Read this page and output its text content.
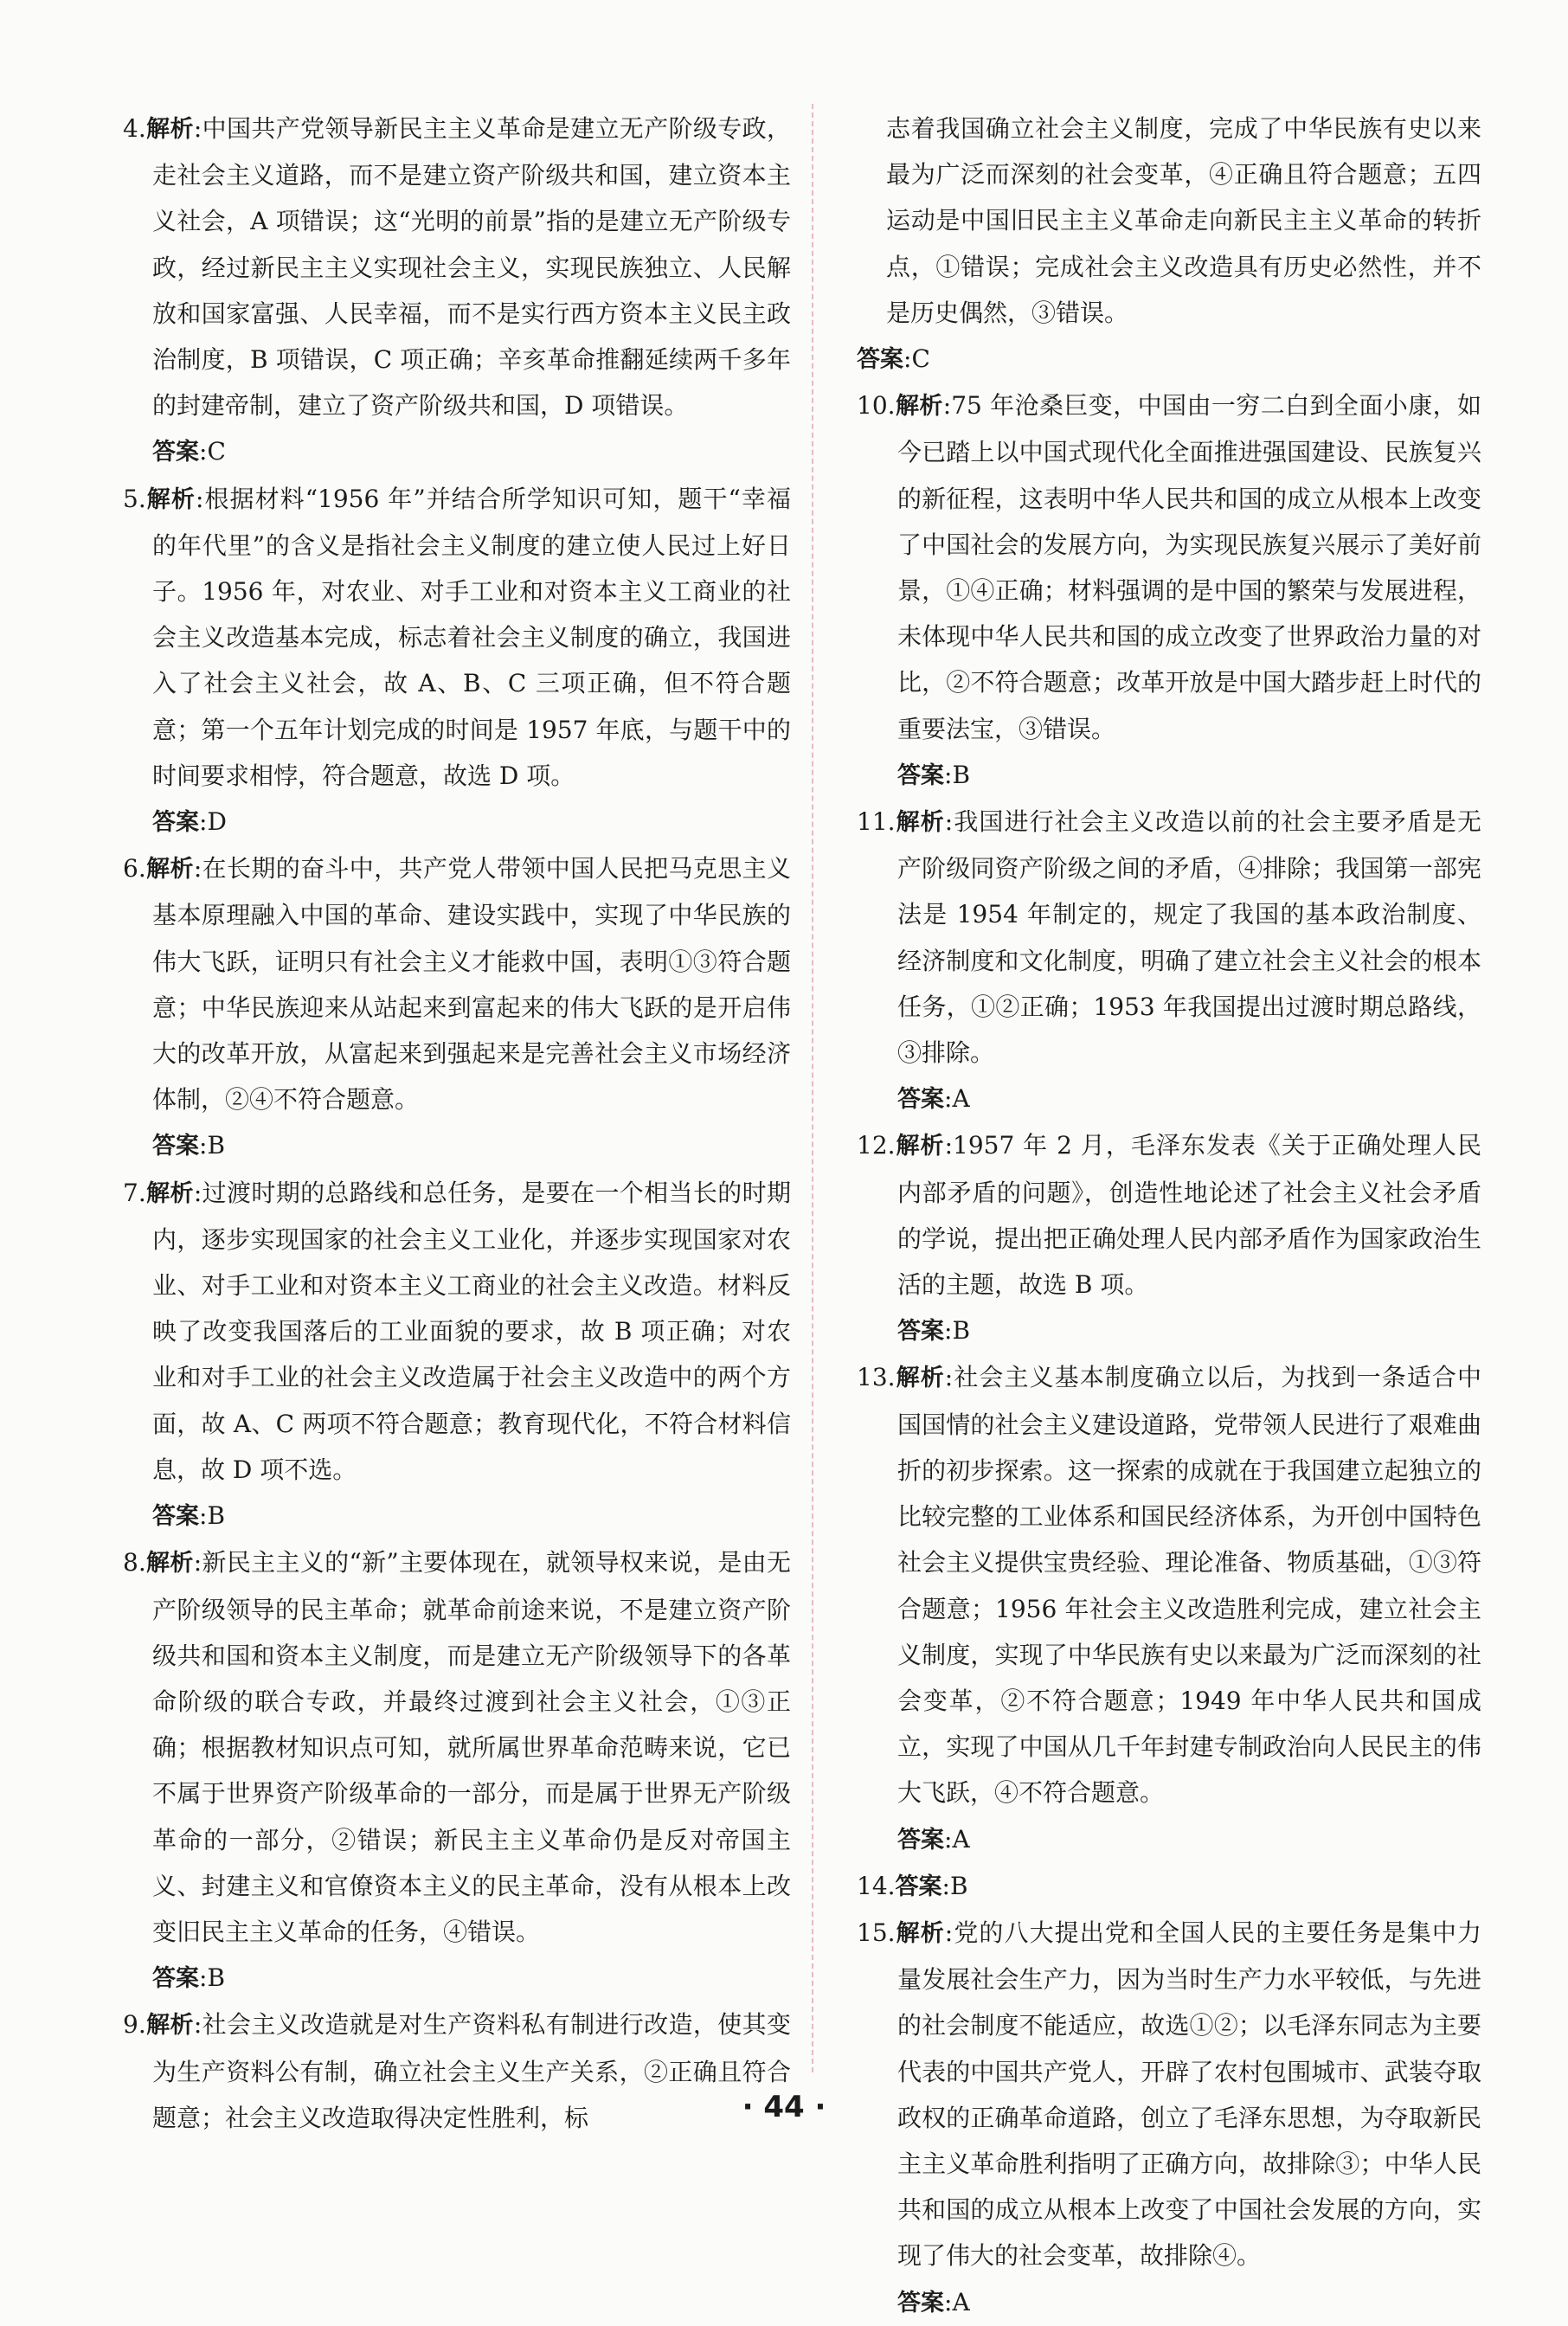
4.解析:中国共产党领导新民主主义革命是建立无产阶级专政，走社会主义道路，而不是建立资产阶级共和国，建立资本主义社会，A 项错误；这“光明的前景”指的是建立无产阶级专政，经过新民主主义实现社会主义，实现民族独立、人民解放和国家富强、人民幸福，而不是实行西方资本主义民主政治制度，B 项错误，C 项正确；辛亥革命推翻延续两千多年的封建帝制，建立了资产阶级共和国，D 项错误。
答案:C
5.解析:根据材料“1956 年”并结合所学知识可知，题干“幸福的年代里”的含义是指社会主义制度的建立使人民过上好日子。1956 年，对农业、对手工业和对资本主义工商业的社会主义改造基本完成，标志着社会主义制度的确立，我国进入了社会主义社会，故 A、B、C 三项正确，但不符合题意；第一个五年计划完成的时间是 1957 年底，与题干中的时间要求相悖，符合题意，故选 D 项。
答案:D
6.解析:在长期的奋斗中，共产党人带领中国人民把马克思主义基本原理融入中国的革命、建设实践中，实现了中华民族的伟大飞跃，证明只有社会主义才能救中国，表明①③符合题意；中华民族迎来从站起来到富起来的伟大飞跃的是开启伟大的改革开放，从富起来到强起来是完善社会主义市场经济体制，②④不符合题意。
答案:B
7.解析:过渡时期的总路线和总任务，是要在一个相当长的时期内，逐步实现国家的社会主义工业化，并逐步实现国家对农业、对手工业和对资本主义工商业的社会主义改造。材料反映了改变我国落后的工业面貌的要求，故 B 项正确；对农业和对手工业的社会主义改造属于社会主义改造中的两个方面，故 A、C 两项不符合题意；教育现代化，不符合材料信息，故 D 项不选。
答案:B
8.解析:新民主主义的“新”主要体现在，就领导权来说，是由无产阶级领导的民主革命；就革命前途来说，不是建立资产阶级共和国和资本主义制度，而是建立无产阶级领导下的各革命阶级的联合专政，并最终过渡到社会主义社会，①③正确；根据教材知识点可知，就所属世界革命范畴来说，它已不属于世界资产阶级革命的一部分，而是属于世界无产阶级革命的一部分，②错误；新民主主义革命仍是反对帝国主义、封建主义和官僚资本主义的民主革命，没有从根本上改变旧民主主义革命的任务，④错误。
答案:B
9.解析:社会主义改造就是对生产资料私有制进行改造，使其变为生产资料公有制，确立社会主义生产关系，②正确且符合题意；社会主义改造取得决定性胜利，标
志着我国确立社会主义制度，完成了中华民族有史以来最为广泛而深刻的社会变革，④正确且符合题意；五四运动是中国旧民主主义革命走向新民主主义革命的转折点，①错误；完成社会主义改造具有历史必然性，并不是历史偶然，③错误。
答案:C
10.解析:75 年沧桑巨变，中国由一穷二白到全面小康，如今已踏上以中国式现代化全面推进强国建设、民族复兴的新征程，这表明中华人民共和国的成立从根本上改变了中国社会的发展方向，为实现民族复兴展示了美好前景，①④正确；材料强调的是中国的繁荣与发展进程，未体现中华人民共和国的成立改变了世界政治力量的对比，②不符合题意；改革开放是中国大踏步赶上时代的重要法宝，③错误。
答案:B
11.解析:我国进行社会主义改造以前的社会主要矛盾是无产阶级同资产阶级之间的矛盾，④排除；我国第一部宪法是 1954 年制定的，规定了我国的基本政治制度、经济制度和文化制度，明确了建立社会主义社会的根本任务，①②正确；1953 年我国提出过渡时期总路线，③排除。
答案:A
12.解析:1957 年 2 月，毛泽东发表《关于正确处理人民内部矛盾的问题》，创造性地论述了社会主义社会矛盾的学说，提出把正确处理人民内部矛盾作为国家政治生活的主题，故选 B 项。
答案:B
13.解析:社会主义基本制度确立以后，为找到一条适合中国国情的社会主义建设道路，党带领人民进行了艰难曲折的初步探索。这一探索的成就在于我国建立起独立的比较完整的工业体系和国民经济体系，为开创中国特色社会主义提供宝贵经验、理论准备、物质基础，①③符合题意；1956 年社会主义改造胜利完成，建立社会主义制度，实现了中华民族有史以来最为广泛而深刻的社会变革，②不符合题意；1949 年中华人民共和国成立，实现了中国从几千年封建专制政治向人民民主的伟大飞跃，④不符合题意。
答案:A
14.答案:B
15.解析:党的八大提出党和全国人民的主要任务是集中力量发展社会生产力，因为当时生产力水平较低，与先进的社会制度不能适应，故选①②；以毛泽东同志为主要代表的中国共产党人，开辟了农村包围城市、武装夺取政权的正确革命道路，创立了毛泽东思想，为夺取新民主主义革命胜利指明了正确方向，故排除③；中华人民共和国的成立从根本上改变了中国社会发展的方向，实现了伟大的社会变革，故排除④。
答案:A
· 44 ·
